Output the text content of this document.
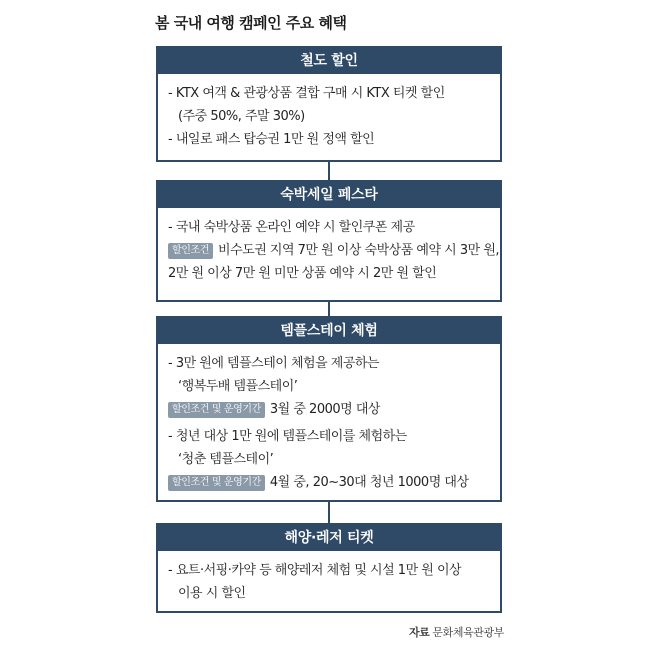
봄 국내 여행 캠페인 주요 혜택
철도 할인
- KTX 여객 & 관광상품 결합 구매 시 KTX 티켓 할인
(주중 50%, 주말 30%)
- 내일로 패스 탑승권 1만 원 정액 할인
숙박세일 페스타
- 국내 숙박상품 온라인 예약 시 할인쿠폰 제공
할인조건 비수도권 지역 7만 원 이상 숙박상품 예약 시 3만 원,
2만 원 이상 7만 원 미만 상품 예약 시 2만 원 할인
템플스테이 체험
- 3만 원에 템플스테이 체험을 제공하는
‘행복두배 템플스테이’
할인조건 및 운영기간 3월 중 2000명 대상
- 청년 대상 1만 원에 템플스테이를 체험하는
‘청춘 템플스테이’
할인조건 및 운영기간 4월 중, 20~30대 청년 1000명 대상
해양·레저 티켓
- 요트·서핑·카약 등 해양레저 체험 및 시설 1만 원 이상
이용 시 할인
자료 문화체육관광부
